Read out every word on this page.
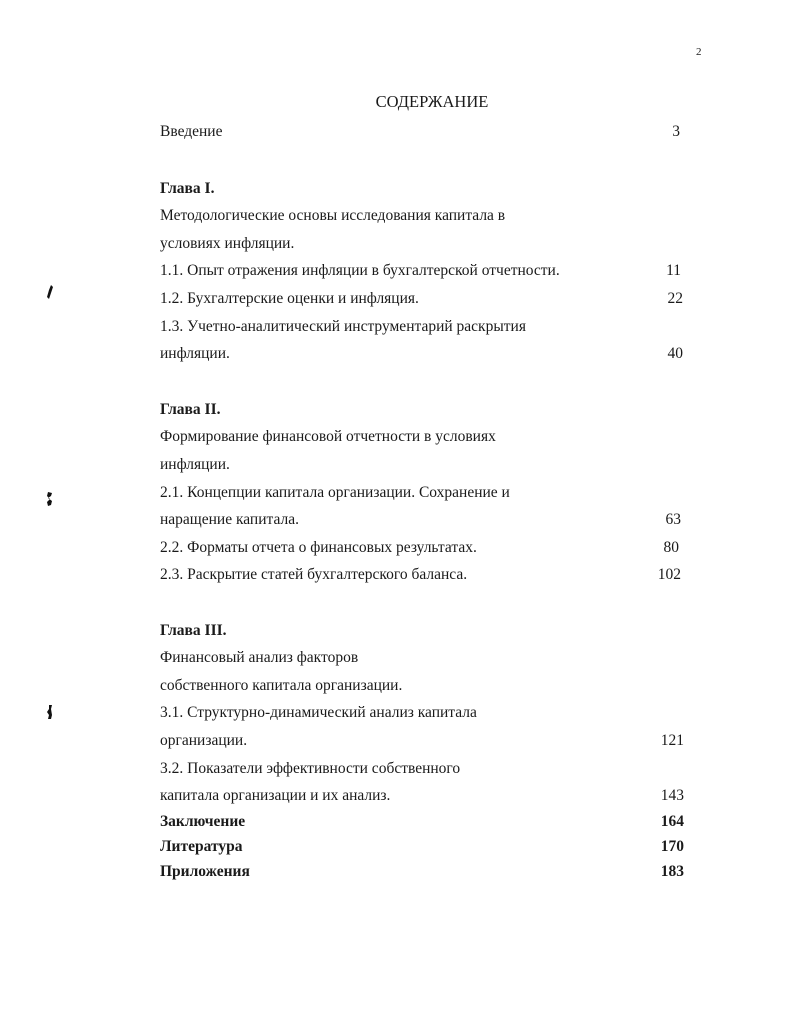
2
СОДЕРЖАНИЕ
Введение	3
Глава I.
Методологические основы исследования капитала в
условиях инфляции.
1.1. Опыт отражения инфляции в бухгалтерской отчетности.	11
1.2. Бухгалтерские оценки и инфляция.	22
1.3. Учетно-аналитический инструментарий раскрытия
инфляции.	40
Глава II.
Формирование финансовой отчетности в условиях
инфляции.
2.1. Концепции капитала организации. Сохранение и
наращение капитала.	63
2.2. Форматы отчета о финансовых результатах.	80
2.3. Раскрытие статей бухгалтерского баланса.	102
Глава III.
Финансовый анализ факторов
собственного капитала организации.
3.1. Структурно-динамический анализ капитала
организации.	121
3.2. Показатели эффективности собственного
капитала организации и их анализ.	143
Заключение	164
Литература	170
Приложения	183
